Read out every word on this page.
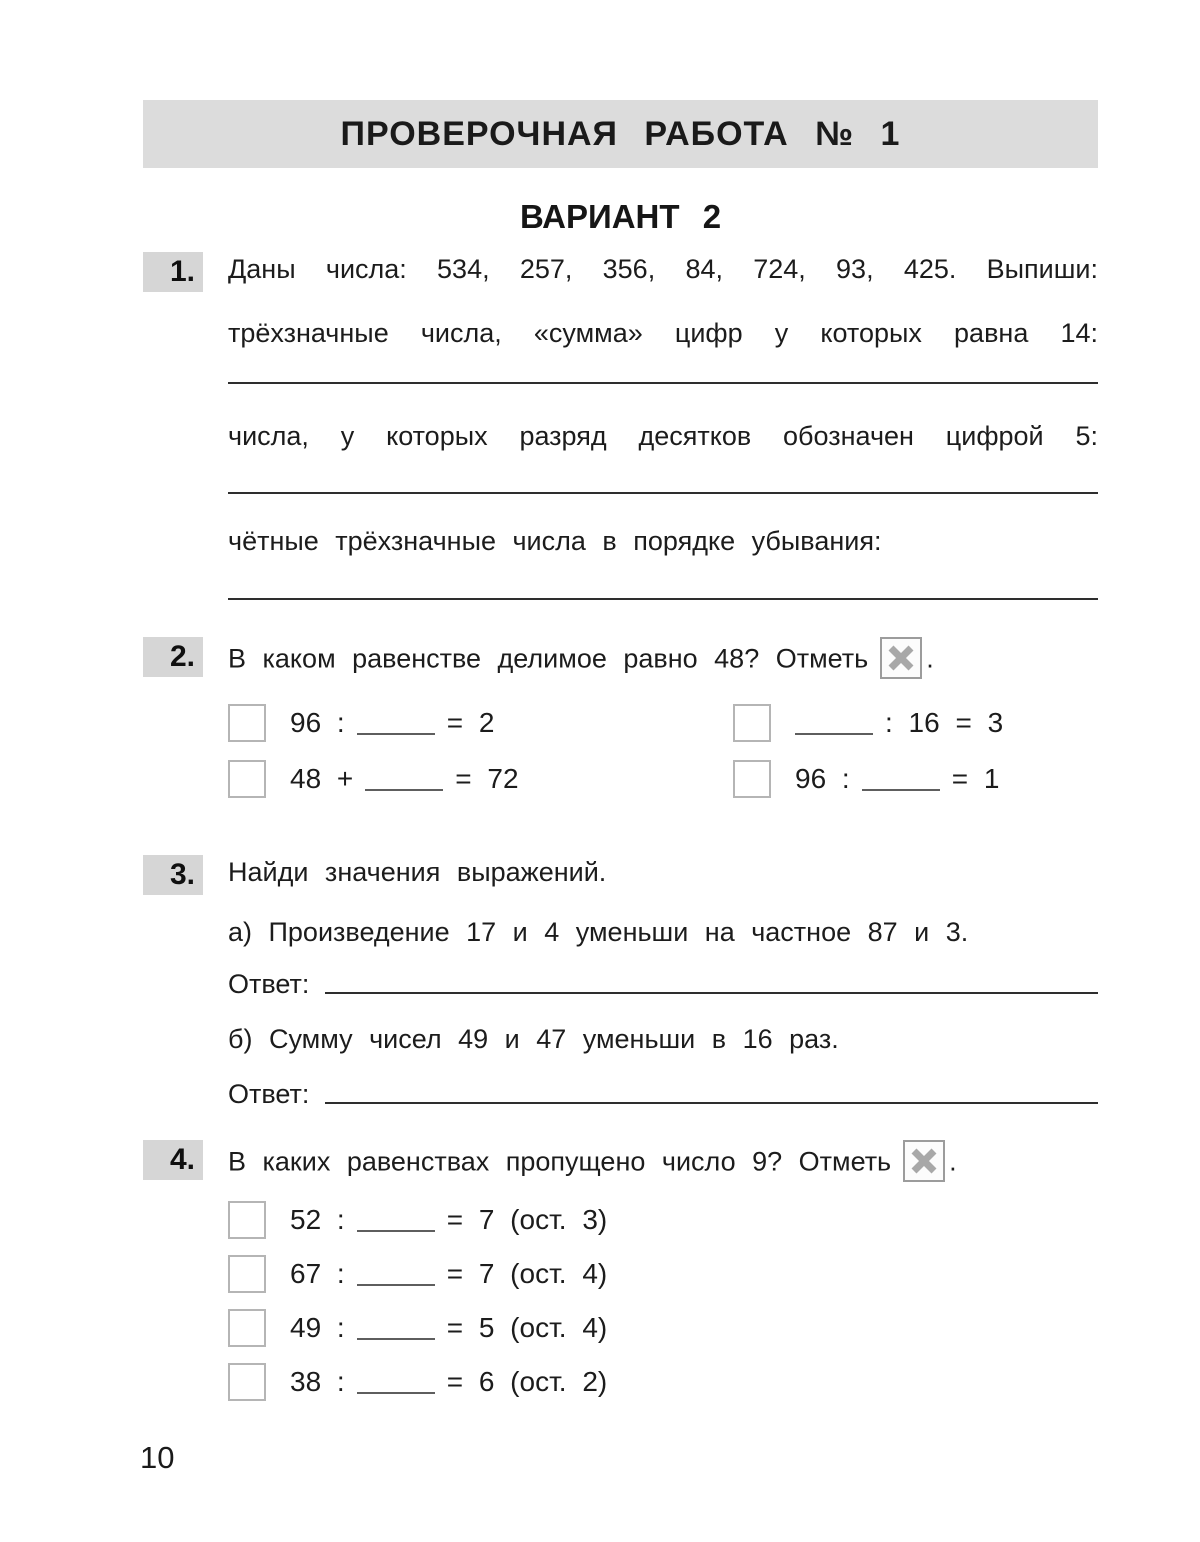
ПРОВЕРОЧНАЯ РАБОТА № 1
ВАРИАНТ 2
1. Даны числа: 534, 257, 356, 84, 724, 93, 425. Выпиши:
трёхзначные числа, «сумма» цифр у которых равна 14:
числа, у которых разряд десятков обозначен цифрой 5:
чётные трёхзначные числа в порядке убывания:
2. В каком равенстве делимое равно 48? Отметь .
96 :	= 2	: 16 = 3
48 +	= 72	96 :	= 1
3. Найди значения выражений.
а) Произведение 17 и 4 уменьши на частное 87 и 3.
Ответ:
б) Сумму чисел 49 и 47 уменьши в 16 раз.
Ответ:
4. В каких равенствах пропущено число 9? Отметь .
52 :	= 7 (ост. 3)
67 :	= 7 (ост. 4)
49 :	= 5 (ост. 4)
38 :	= 6 (ост. 2)
10
